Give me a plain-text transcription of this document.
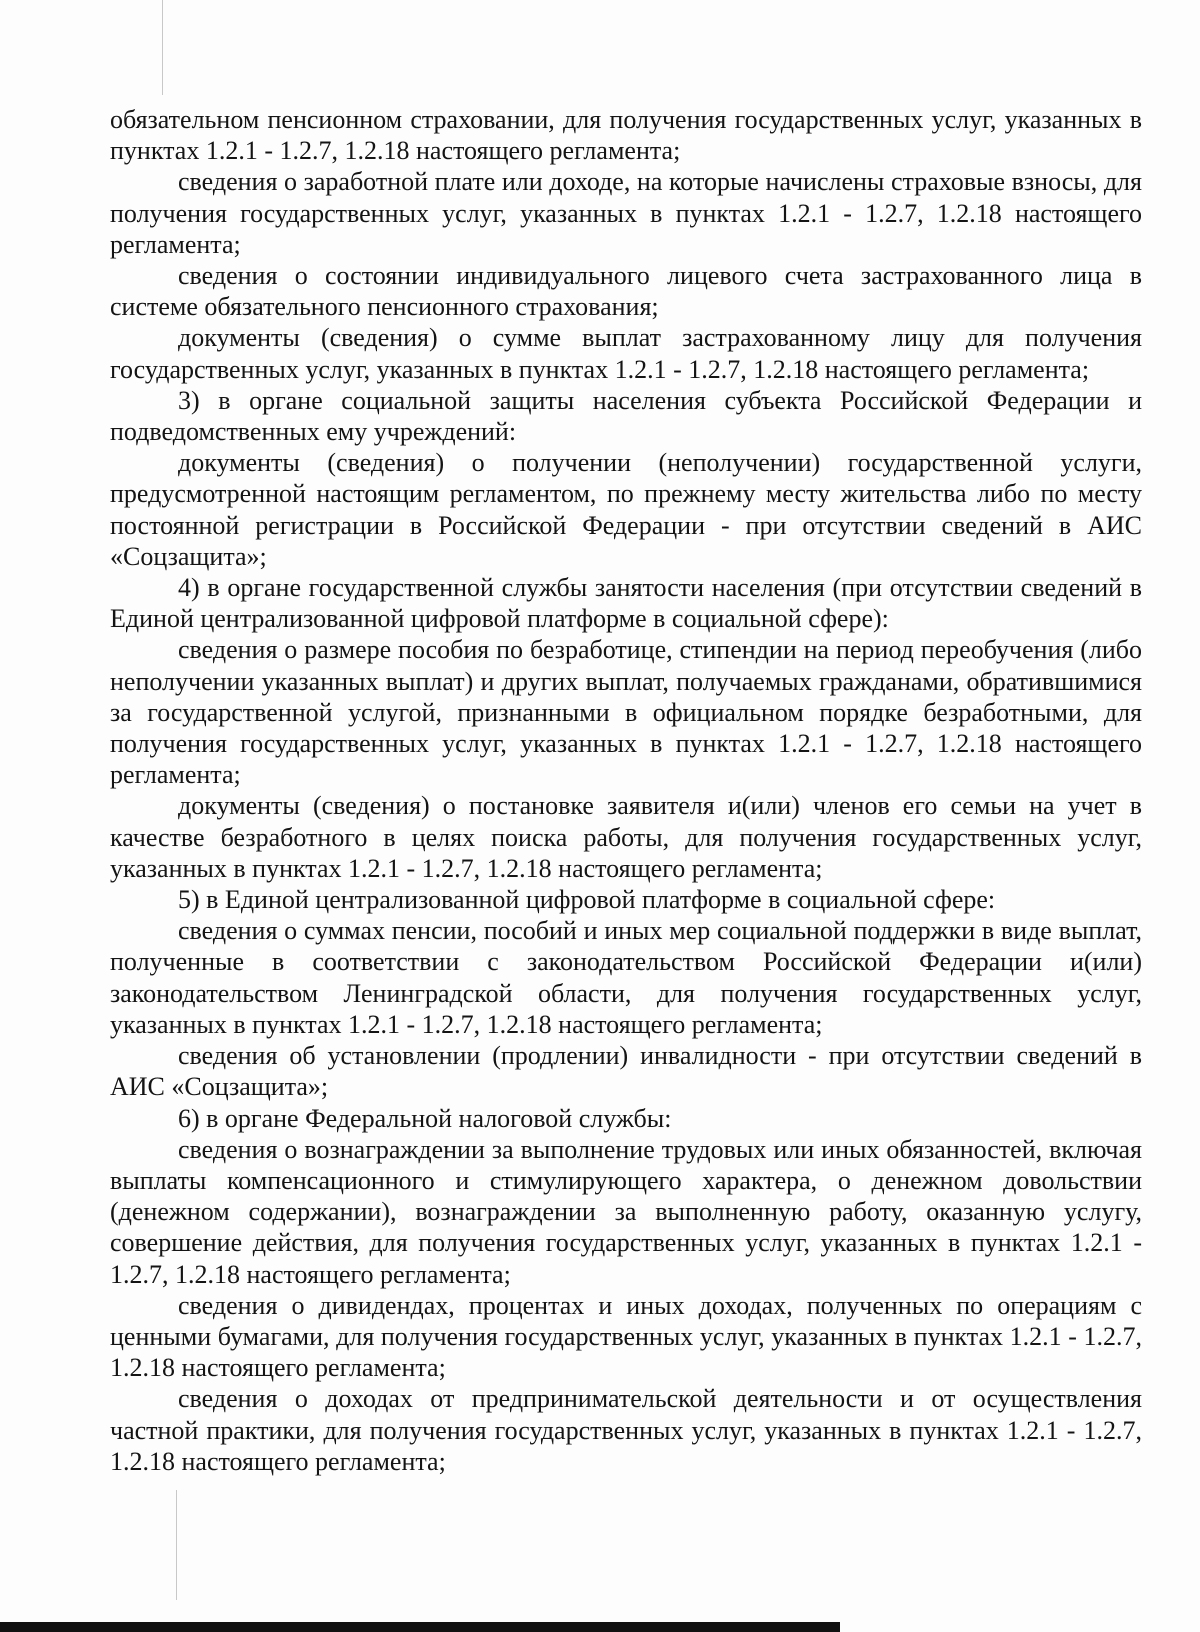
обязательном пенсионном страховании, для получения государственных услуг, указанных в пунктах 1.2.1 - 1.2.7, 1.2.18 настоящего регламента;

сведения о заработной плате или доходе, на которые начислены страховые взносы, для получения государственных услуг, указанных в пунктах 1.2.1 - 1.2.7, 1.2.18 настоящего регламента;

сведения о состоянии индивидуального лицевого счета застрахованного лица в системе обязательного пенсионного страхования;

документы (сведения) о сумме выплат застрахованному лицу для получения государственных услуг, указанных в пунктах 1.2.1 - 1.2.7, 1.2.18 настоящего регламента;

3) в органе социальной защиты населения субъекта Российской Федерации и подведомственных ему учреждений:

документы (сведения) о получении (неполучении) государственной услуги, предусмотренной настоящим регламентом, по прежнему месту жительства либо по месту постоянной регистрации в Российской Федерации - при отсутствии сведений в АИС «Соцзащита»;

4) в органе государственной службы занятости населения (при отсутствии сведений в Единой централизованной цифровой платформе в социальной сфере):

сведения о размере пособия по безработице, стипендии на период переобучения (либо неполучении указанных выплат) и других выплат, получаемых гражданами, обратившимися за государственной услугой, признанными в официальном порядке безработными, для получения государственных услуг, указанных в пунктах 1.2.1 - 1.2.7, 1.2.18 настоящего регламента;

документы (сведения) о постановке заявителя и(или) членов его семьи на учет в качестве безработного в целях поиска работы, для получения государственных услуг, указанных в пунктах 1.2.1 - 1.2.7, 1.2.18 настоящего регламента;

5) в Единой централизованной цифровой платформе в социальной сфере:

сведения о суммах пенсии, пособий и иных мер социальной поддержки в виде выплат, полученные в соответствии с законодательством Российской Федерации и(или) законодательством Ленинградской области, для получения государственных услуг, указанных в пунктах 1.2.1 - 1.2.7, 1.2.18 настоящего регламента;

сведения об установлении (продлении) инвалидности - при отсутствии сведений в АИС «Соцзащита»;

6) в органе Федеральной налоговой службы:

сведения о вознаграждении за выполнение трудовых или иных обязанностей, включая выплаты компенсационного и стимулирующего характера, о денежном довольствии (денежном содержании), вознаграждении за выполненную работу, оказанную услугу, совершение действия, для получения государственных услуг, указанных в пунктах 1.2.1 - 1.2.7, 1.2.18 настоящего регламента;

сведения о дивидендах, процентах и иных доходах, полученных по операциям с ценными бумагами, для получения государственных услуг, указанных в пунктах 1.2.1 - 1.2.7, 1.2.18 настоящего регламента;

сведения о доходах от предпринимательской деятельности и от осуществления частной практики, для получения государственных услуг, указанных в пунктах 1.2.1 - 1.2.7, 1.2.18 настоящего регламента;
